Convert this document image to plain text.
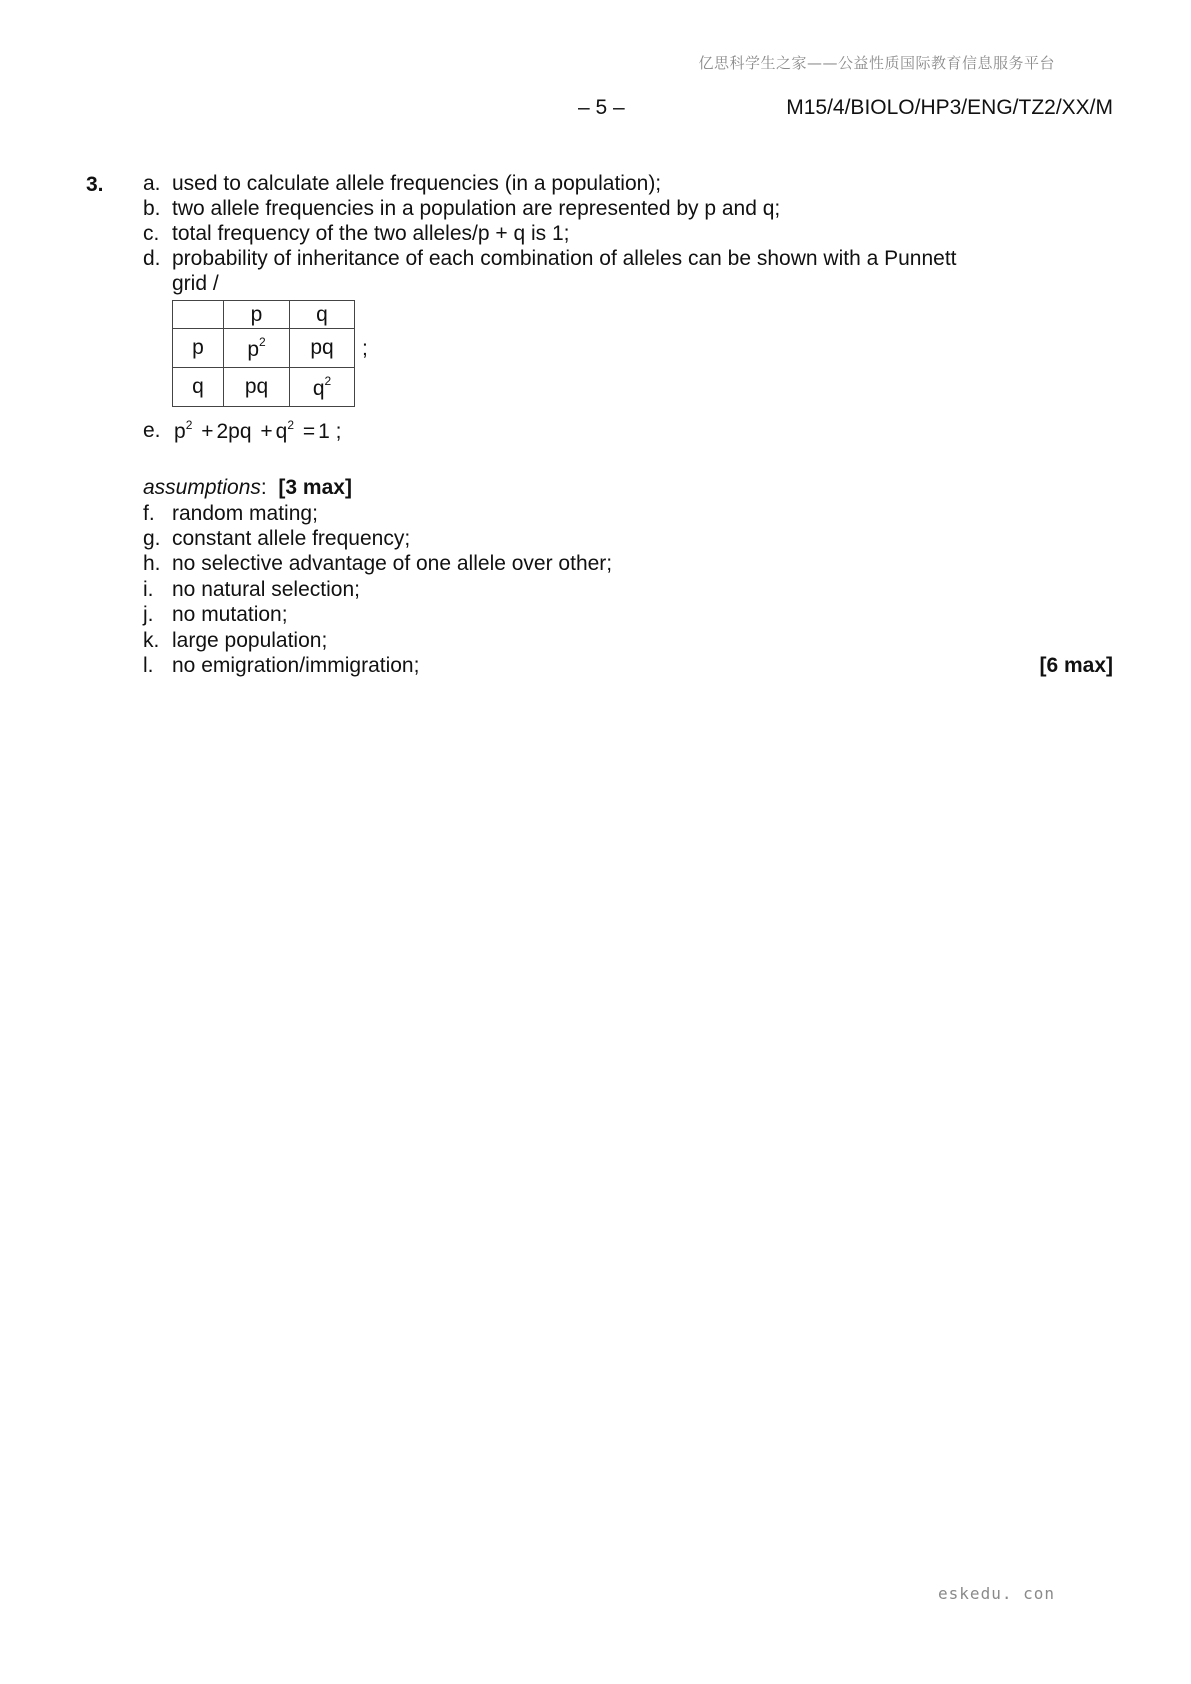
亿思科学生之家——公益性质国际教育信息服务平台
– 5 –	M15/4/BIOLO/HP3/ENG/TZ2/XX/M
3. a. used to calculate allele frequencies (in a population);
b. two allele frequencies in a population are represented by p and q;
c. total frequency of the two alleles/p + q is 1;
d. probability of inheritance of each combination of alleles can be shown with a Punnett
grid /
	p	q
p	$p^2$	pq
q	pq	$q^2$
;
e. $p^2 + 2pq + q^2 = 1$ ;
assumptions: [3 max]
f. random mating;
g. constant allele frequency;
h. no selective advantage of one allele over other;
i. no natural selection;
j. no mutation;
k. large population;
l. no emigration/immigration;	[6 max]
eskedu. con
